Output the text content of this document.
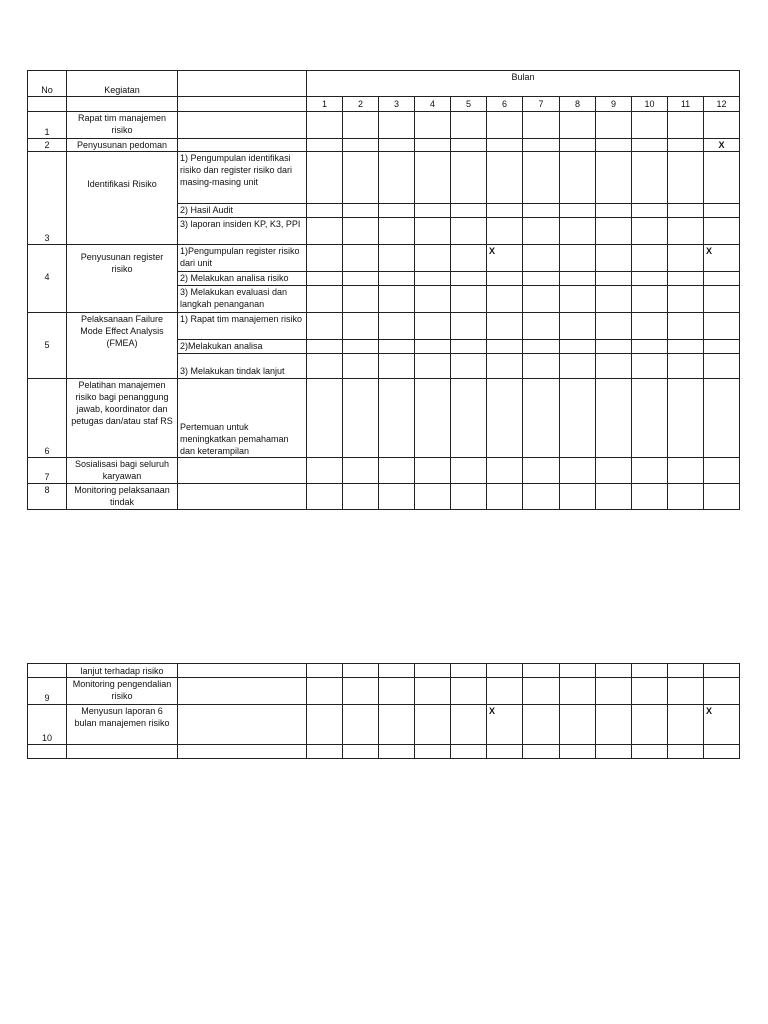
No	Kegiatan		Bulan											
			1	2	3	4	5	6	7	8	9	10	11	12
1	Rapat tim manajemen risiko													
2	Penyusunan pedoman													X
3	Identifikasi Risiko	1) Pengumpulan identifikasi risiko dan register risiko dari masing-masing unit												
		2) Hasil Audit												
		3) laporan insiden KP, K3, PPI												
4	Penyusunan register risiko	1)Pengumpulan register risiko dari unit						X						X
		2) Melakukan analisa risiko												
		3) Melakukan evaluasi dan langkah penanganan												
5	Pelaksanaan Failure Mode Effect Analysis (FMEA)	1) Rapat tim manajemen risiko												
		2)Melakukan analisa												
		3) Melakukan tindak lanjut												
6	Pelatihan manajemen risiko bagi penanggung jawab, koordinator dan petugas dan/atau staf RS	Pertemuan untuk meningkatkan pemahaman dan keterampilan												
7	Sosialisasi bagi seluruh karyawan													
8	Monitoring pelaksanaan tindak													
	lanjut terhadap risiko													
9	Monitoring pengendalian risiko													
10	Menyusun laporan 6 bulan manajemen risiko							X						X
